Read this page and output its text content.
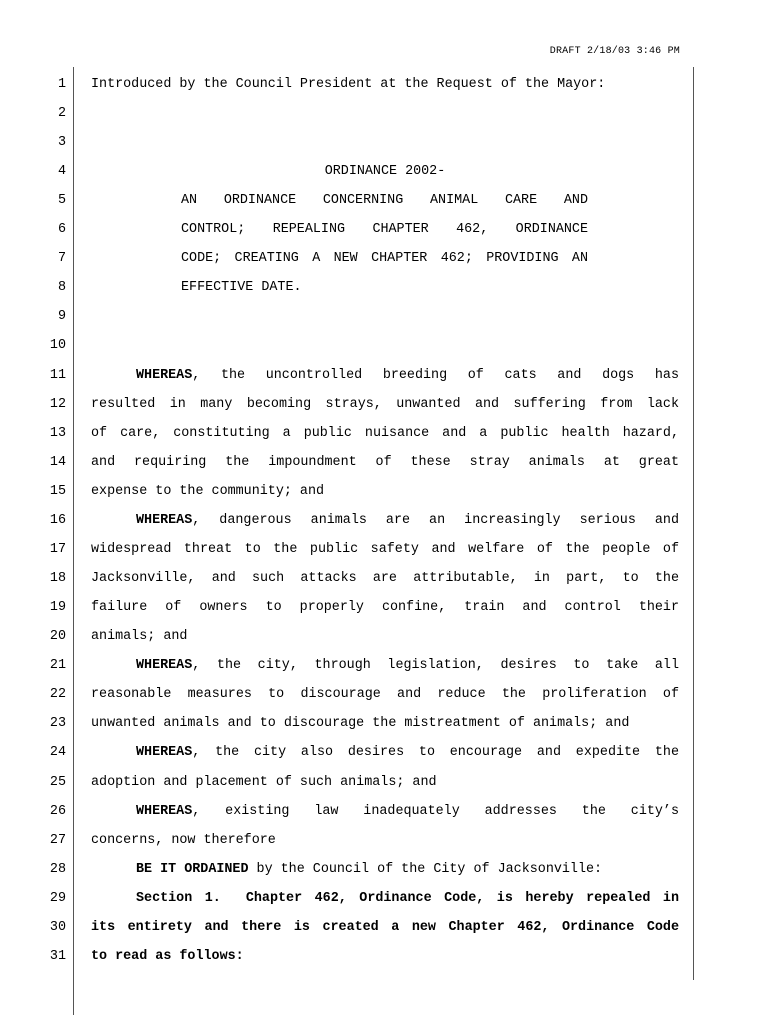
DRAFT 2/18/03 3:46 PM
1
2
3
4
5
6
7
8
9
10
11
12
13
14
15
16
17
18
19
20
21
22
23
24
25
26
27
28
29
30
31
Introduced by the Council President at the Request of the Mayor:
ORDINANCE 2002-
AN ORDINANCE CONCERNING ANIMAL CARE AND
CONTROL; REPEALING CHAPTER 462, ORDINANCE
CODE; CREATING A NEW CHAPTER 462; PROVIDING AN
EFFECTIVE DATE.
WHEREAS, the uncontrolled breeding of cats and dogs has
resulted in many becoming strays, unwanted and suffering from lack
of care, constituting a public nuisance and a public health hazard,
and requiring the impoundment of these stray animals at great
expense to the community; and
WHEREAS, dangerous animals are an increasingly serious and
widespread threat to the public safety and welfare of the people of
Jacksonville, and such attacks are attributable, in part, to the
failure of owners to properly confine, train and control their
animals; and
WHEREAS, the city, through legislation, desires to take all
reasonable measures to discourage and reduce the proliferation of
unwanted animals and to discourage the mistreatment of animals; and
WHEREAS, the city also desires to encourage and expedite the
adoption and placement of such animals; and
WHEREAS, existing law inadequately addresses the city’s
concerns, now therefore
BE IT ORDAINED by the Council of the City of Jacksonville:
Section 1.  Chapter 462, Ordinance Code, is hereby repealed in
its entirety and there is created a new Chapter 462, Ordinance Code
to read as follows:
